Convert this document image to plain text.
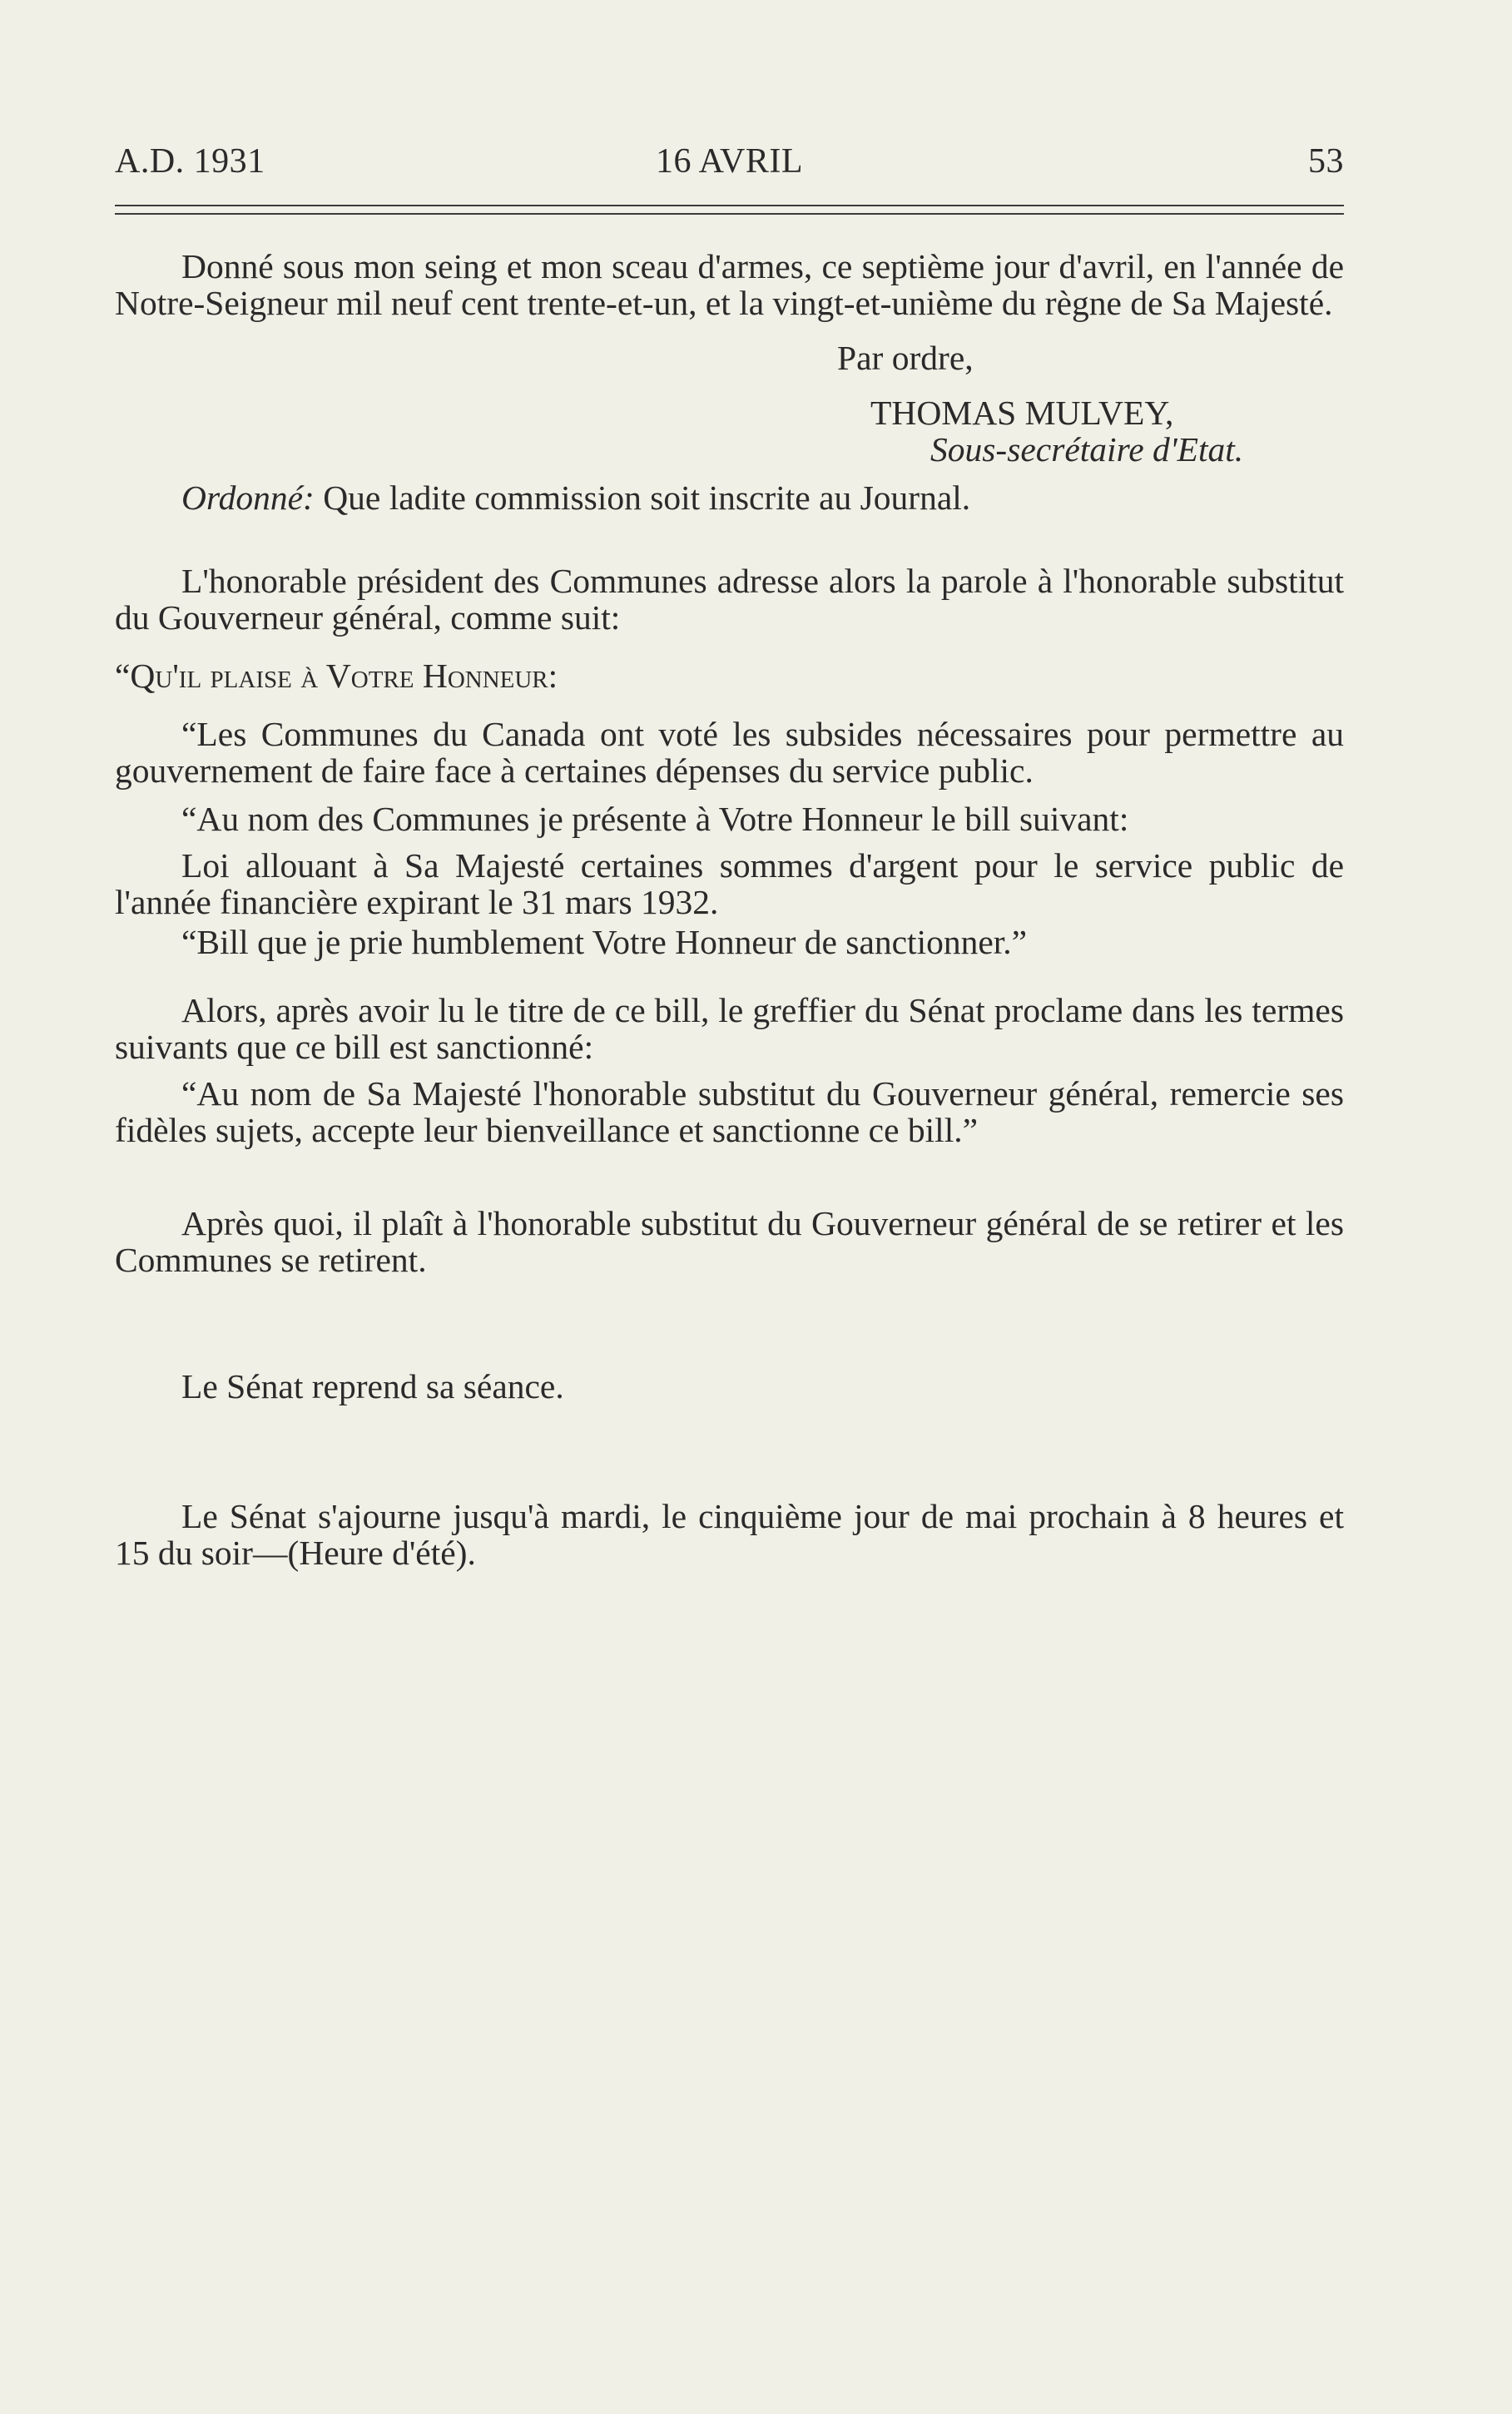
A.D. 1931	16 AVRIL	53

Donné sous mon seing et mon sceau d'armes, ce septième jour d'avril, en l'année de Notre-Seigneur mil neuf cent trente-et-un, et la vingt-et-unième du règne de Sa Majesté.

Par ordre,

THOMAS MULVEY,

Sous-secrétaire d'Etat.

Ordonné: Que ladite commission soit inscrite au Journal.

L'honorable président des Communes adresse alors la parole à l'honorable substitut du Gouverneur général, comme suit:

“Qu'il plaise à Votre Honneur:

“Les Communes du Canada ont voté les subsides nécessaires pour permettre au gouvernement de faire face à certaines dépenses du service public.

“Au nom des Communes je présente à Votre Honneur le bill suivant:

Loi allouant à Sa Majesté certaines sommes d'argent pour le service public de l'année financière expirant le 31 mars 1932.

“Bill que je prie humblement Votre Honneur de sanctionner.”

Alors, après avoir lu le titre de ce bill, le greffier du Sénat proclame dans les termes suivants que ce bill est sanctionné:

“Au nom de Sa Majesté l'honorable substitut du Gouverneur général, remercie ses fidèles sujets, accepte leur bienveillance et sanctionne ce bill.”

Après quoi, il plaît à l'honorable substitut du Gouverneur général de se retirer et les Communes se retirent.

Le Sénat reprend sa séance.

Le Sénat s'ajourne jusqu'à mardi, le cinquième jour de mai prochain à 8 heures et 15 du soir—(Heure d'été).
